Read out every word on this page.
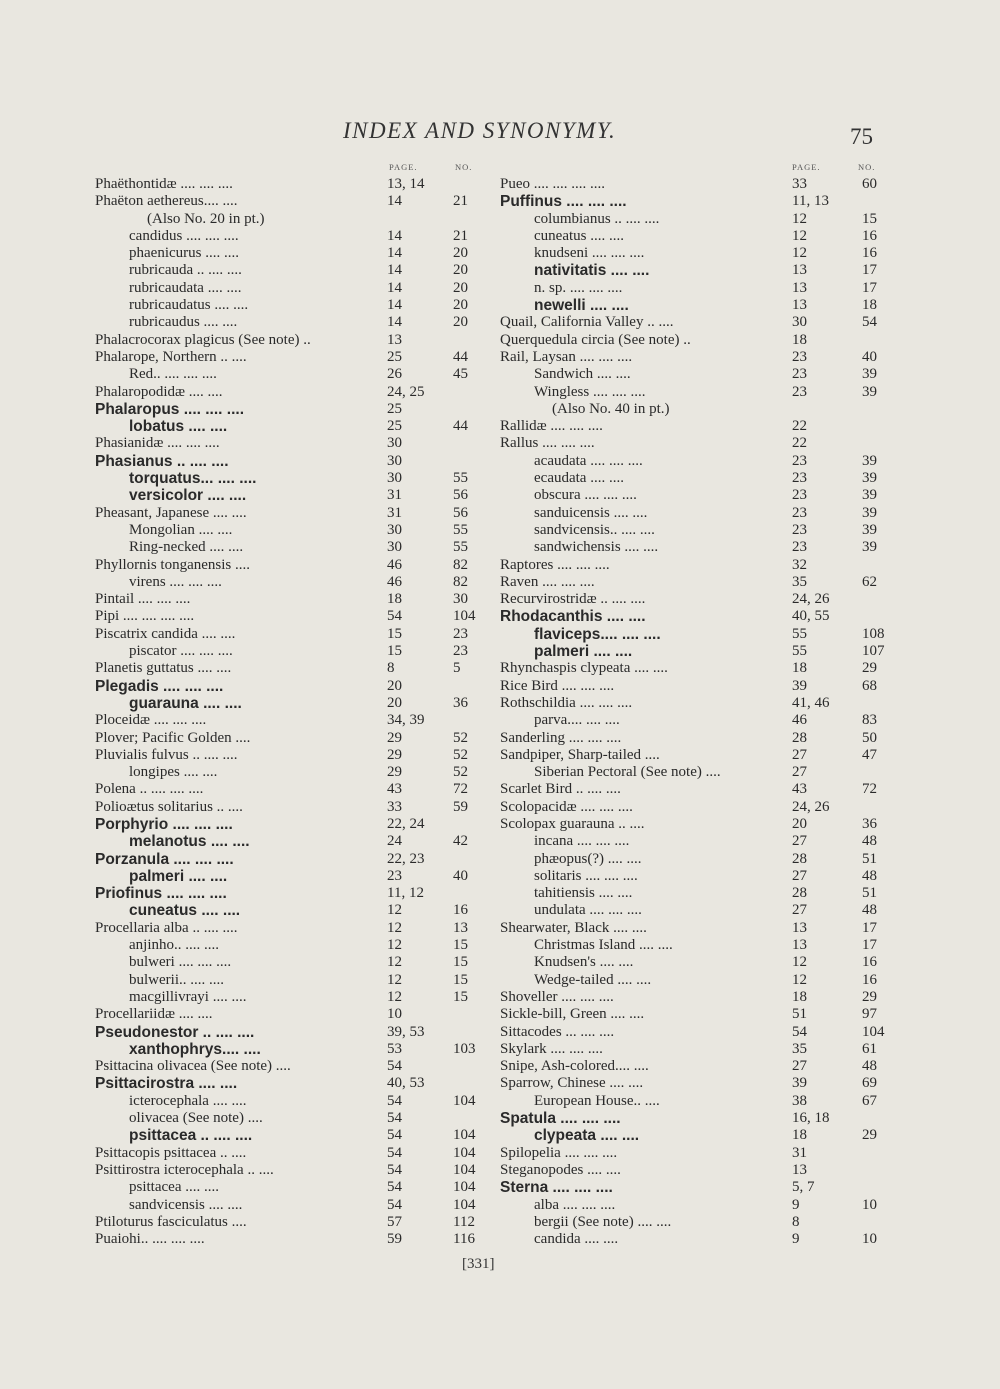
INDEX AND SYNONYMY.	75
PAGE.	NO.
Phaëthontidæ .... .... ....	13, 14
Phaëton aethereus.... ....	14	21
(Also No. 20 in pt.)
candidus .... .... ....	14	21
phaenicurus .... ....	14	20
rubricauda .. .... ....	14	20
rubricaudata .... ....	14	20
rubricaudatus .... ....	14	20
rubricaudus .... ....	14	20
Phalacrocorax plagicus (See note) ..	13
Phalarope, Northern .. ....	25	44
Red.. .... .... ....	26	45
Phalaropodidæ .... ....	24, 25
Phalaropus .... .... ....	25
lobatus .... ....	25	44
Phasianidæ .... .... ....	30
Phasianus .. .... ....	30
torquatus... .... ....	30	55
versicolor .... ....	31	56
Pheasant, Japanese .... ....	31	56
Mongolian .... ....	30	55
Ring-necked .... ....	30	55
Phyllornis tonganensis ....	46	82
virens .... .... ....	46	82
Pintail .... .... ....	18	30
Pipi .... .... .... ....	54	104
Piscatrix candida .... ....	15	23
piscator .... .... ....	15	23
Planetis guttatus .... ....	8	5
Plegadis .... .... ....	20
guarauna .... ....	20	36
Ploceidæ .... .... ....	34, 39
Plover; Pacific Golden ....	29	52
Pluvialis fulvus .. .... ....	29	52
longipes .... ....	29	52
Polena .. .... .... ....	43	72
Polioætus solitarius .. ....	33	59
Porphyrio .... .... ....	22, 24
melanotus .... ....	24	42
Porzanula .... .... ....	22, 23
palmeri .... ....	23	40
Priofinus .... .... ....	11, 12
cuneatus .... ....	12	16
Procellaria alba .. .... ....	12	13
anjinho.. .... ....	12	15
bulweri .... .... ....	12	15
bulwerii.. .... ....	12	15
macgillivrayi .... ....	12	15
Procellariidæ .... ....	10
Pseudonestor .. .... ....	39, 53
xanthophrys.... ....	53	103
Psittacina olivacea (See note) ....	54
Psittacirostra .... ....	40, 53
icterocephala .... ....	54	104
olivacea (See note) ....	54
psittacea .. .... ....	54	104
Psittacopis psittacea .. ....	54	104
Psittirostra icterocephala .. ....	54	104
psittacea .... ....	54	104
sandvicensis .... ....	54	104
Ptiloturus fasciculatus ....	57	112
Puaiohi.. .... .... ....	59	116
PAGE.	NO.
Pueo .... .... .... ....	33	60
Puffinus .... .... ....	11, 13
columbianus .. .... ....	12	15
cuneatus .... ....	12	16
knudseni .... .... ....	12	16
nativitatis .... ....	13	17
n. sp. .... .... ....	13	17
newelli .... ....	13	18
Quail, California Valley .. ....	30	54
Querquedula circia (See note) ..	18
Rail, Laysan .... .... ....	23	40
Sandwich .... ....	23	39
Wingless .... .... ....	23	39
(Also No. 40 in pt.)
Rallidæ .... .... ....	22
Rallus .... .... ....	22
acaudata .... .... ....	23	39
ecaudata .... ....	23	39
obscura .... .... ....	23	39
sanduicensis .... ....	23	39
sandvicensis.. .... ....	23	39
sandwichensis .... ....	23	39
Raptores .... .... ....	32
Raven .... .... ....	35	62
Recurvirostridæ .. .... ....	24, 26
Rhodacanthis .... ....	40, 55
flaviceps.... .... ....	55	108
palmeri .... ....	55	107
Rhynchaspis clypeata .... ....	18	29
Rice Bird .... .... ....	39	68
Rothschildia .... .... ....	41, 46
parva.... .... ....	46	83
Sanderling .... .... ....	28	50
Sandpiper, Sharp-tailed ....	27	47
Siberian Pectoral (See note) ....	27
Scarlet Bird .. .... ....	43	72
Scolopacidæ .... .... ....	24, 26
Scolopax guarauna .. ....	20	36
incana .... .... ....	27	48
phæopus(?) .... ....	28	51
solitaris .... .... ....	27	48
tahitiensis .... ....	28	51
undulata .... .... ....	27	48
Shearwater, Black .... ....	13	17
Christmas Island .... ....	13	17
Knudsen's .... ....	12	16
Wedge-tailed .... ....	12	16
Shoveller .... .... ....	18	29
Sickle-bill, Green .... ....	51	97
Sittacodes ... .... ....	54	104
Skylark .... .... ....	35	61
Snipe, Ash-colored.... ....	27	48
Sparrow, Chinese .... ....	39	69
European House.. ....	38	67
Spatula .... .... ....	16, 18
clypeata .... ....	18	29
Spilopelia .... .... ....	31
Steganopodes .... ....	13
Sterna .... .... ....	5, 7
alba .... .... ....	9	10
bergii (See note) .... ....	8
candida .... ....	9	10
[331]
